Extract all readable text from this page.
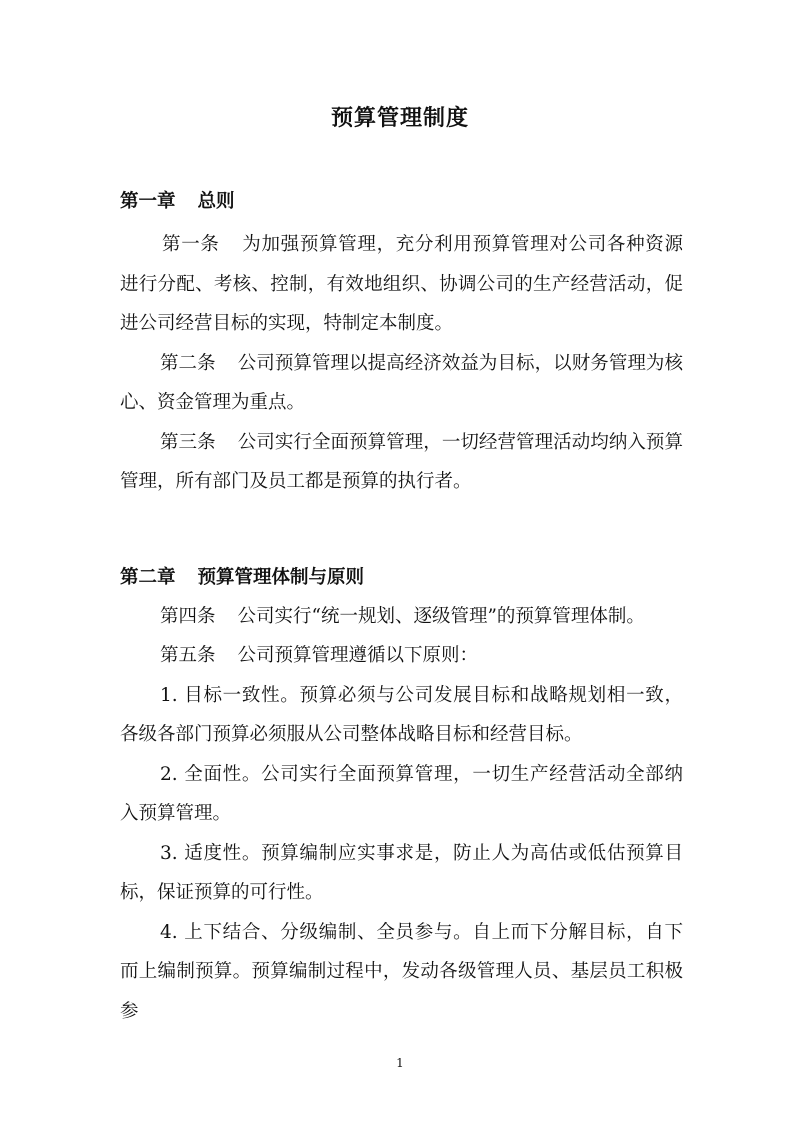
预算管理制度
第一章 总则

第一条 为加强预算管理，充分利用预算管理对公司各种资源进行分配、考核、控制，有效地组织、协调公司的生产经营活动，促进公司经营目标的实现，特制定本制度。

第二条 公司预算管理以提高经济效益为目标，以财务管理为核心、资金管理为重点。

第三条 公司实行全面预算管理，一切经营管理活动均纳入预算管理，所有部门及员工都是预算的执行者。

第二章 预算管理体制与原则

第四条 公司实行“统一规划、逐级管理”的预算管理体制。

第五条 公司预算管理遵循以下原则：

1. 目标一致性。预算必须与公司发展目标和战略规划相一致，各级各部门预算必须服从公司整体战略目标和经营目标。

2. 全面性。公司实行全面预算管理，一切生产经营活动全部纳入预算管理。

3. 适度性。预算编制应实事求是，防止人为高估或低估预算目标，保证预算的可行性。

4. 上下结合、分级编制、全员参与。自上而下分解目标，自下而上编制预算。预算编制过程中，发动各级管理人员、基层员工积极参

1
